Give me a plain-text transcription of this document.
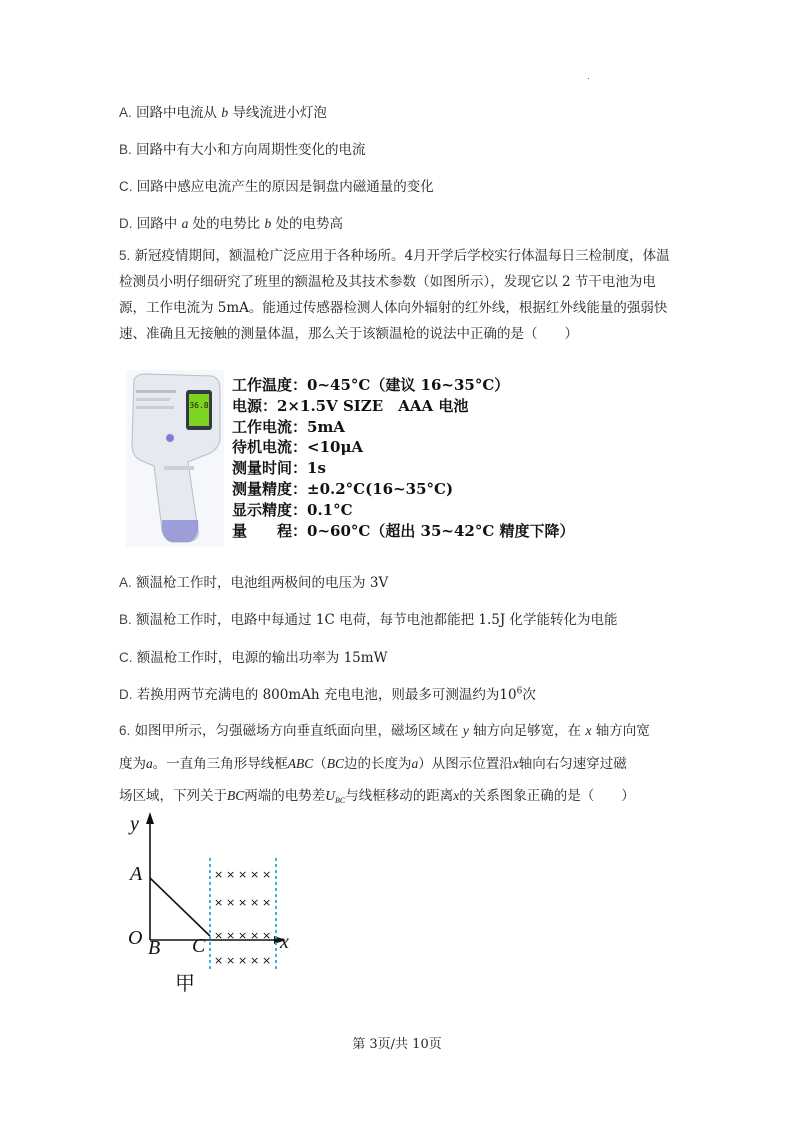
A. 回路中电流从 b 导线流进小灯泡
B. 回路中有大小和方向周期性变化的电流
C. 回路中感应电流产生的原因是铜盘内磁通量的变化
D. 回路中 a 处的电势比 b 处的电势高
5. 新冠疫情期间，额温枪广泛应用于各种场所。4月开学后学校实行体温每日三检制度，体温检测员小明仔细研究了班里的额温枪及其技术参数（如图所示），发现它以 2 节干电池为电源，工作电流为 5mA。能通过传感器检测人体向外辐射的红外线，根据红外线能量的强弱快速、准确且无接触的测量体温，那么关于该额温枪的说法中正确的是（　　）
36.8
工作温度：0~45°C（建议 16~35°C）
电源：2×1.5V SIZE　AAA 电池
工作电流：5mA
待机电流：<10μA
测量时间：1s
测量精度：±0.2°C(16~35°C)
显示精度：0.1°C
量　　程：0~60°C（超出 35~42°C 精度下降）
A. 额温枪工作时，电池组两极间的电压为 3V
B. 额温枪工作时，电路中每通过 1C 电荷，每节电池都能把 1.5J 化学能转化为电能
C. 额温枪工作时，电源的输出功率为 15mW
D. 若换用两节充满电的 800mAh 充电电池，则最多可测温约为$10^6$次
6. 如图甲所示，匀强磁场方向垂直纸面向里，磁场区域在 y 轴方向足够宽，在 x 轴方向宽
度为a。一直角三角形导线框ABC（BC边的长度为a）从图示位置沿x轴向右匀速穿过磁
场区域，下列关于BC两端的电势差$U_{BC}$与线框移动的距离x的关系图象正确的是（　　）
× × × × ×
× × × × ×
× × × × ×
× × × × ×
y
A
O B C	x
甲
第 3页/共 10页
